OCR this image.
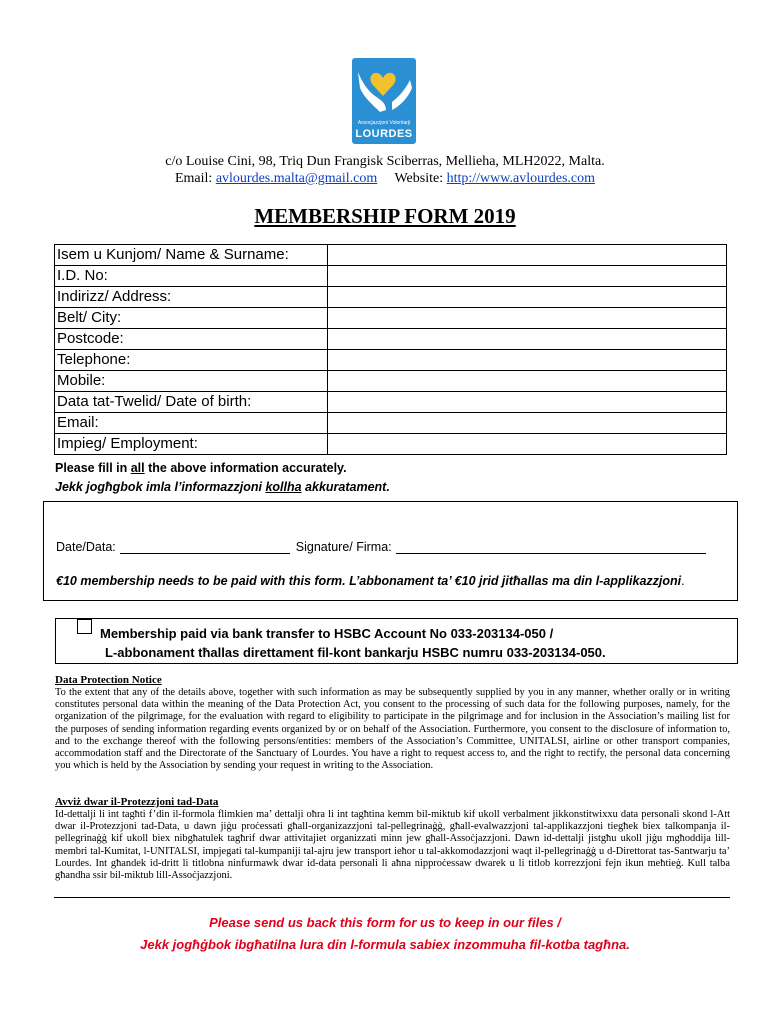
Assocjazzjoni Volontarji
LOURDES
c/o Louise Cini, 98, Triq Dun Frangisk Sciberras, Mellieha, MLH2022, Malta.
Email: avlourdes.malta@gmail.com Website: http://www.avlourdes.com
MEMBERSHIP FORM 2019
Isem u Kunjom/ Name & Surname:	
I.D. No:	
Indirizz/ Address:	
Belt/ City:	
Postcode:	
Telephone:	
Mobile:	
Data tat-Twelid/ Date of birth:	
Email:	
Impieg/ Employment:	
Please fill in all the above information accurately.
Jekk jogħgbok imla l’informazzjoni kollha akkuratament.
Date/Data:	Signature/ Firma:
€10 membership needs to be paid with this form. L’abbonament ta’ €10 jrid jitħallas ma din l-applikazzjoni.
Membership paid via bank transfer to HSBC Account No 033-203134-050 /
L-abbonament tħallas direttament fil-kont bankarju HSBC numru 033-203134-050.
Data Protection Notice
To the extent that any of the details above, together with such information as may be subsequently supplied by you in any manner, whether orally or in writing constitutes personal data within the meaning of the Data Protection Act, you consent to the processing of such data for the following purposes, namely, for the organization of the pilgrimage, for the evaluation with regard to eligibility to participate in the pilgrimage and for inclusion in the Association’s mailing list for the purposes of sending information regarding events organized by or on behalf of the Association. Furthermore, you consent to the disclosure of information to, and to the exchange thereof with the following persons/entities: members of the Association’s Committee, UNITALSI, airline or other transport companies, accommodation staff and the Directorate of the Sanctuary of Lourdes. You have a right to request access to, and the right to rectify, the personal data concerning you which is held by the Association by sending your request in writing to the Association.
Avviż dwar il-Protezzjoni tad-Data
Id-dettalji li int tagħti f’din il-formola flimkien ma’ dettalji oħra li int tagħtina kemm bil-miktub kif ukoll verbalment jikkonstitwixxu data personali skond l-Att dwar il-Protezzjoni tad-Data, u dawn jiġu proċessati għall-organizazzjoni tal-pellegrinaġġ, għall-evalwazzjoni tal-applikazzjoni tiegħek biex talkompanja il-pellegrinaġġ kif ukoll biex nibgħatulek tagħrif dwar attivitajiet organizzati minn jew għall-Assoċjazzjoni. Dawn id-dettalji jistgħu ukoll jiġu mgħoddija lill-membri tal-Kumitat, l-UNITALSI, impjegati tal-kumpaniji tal-ajru jew transport ieħor u tal-akkomodazzjoni waqt il-pellegrinaġġ u d-Direttorat tas-Santwarju ta’ Lourdes. Int għandek id-dritt li titlobna ninfurmawk dwar id-data personali li aħna nipproċessaw dwarek u li titlob korrezzjoni fejn ikun meħtieġ. Kull talba għandha ssir bil-miktub lill-Assoċjazzjoni.
Please send us back this form for us to keep in our files /
Jekk jogħġbok ibgħatilna lura din l-formula sabiex inzommuha fil-kotba tagħna.
